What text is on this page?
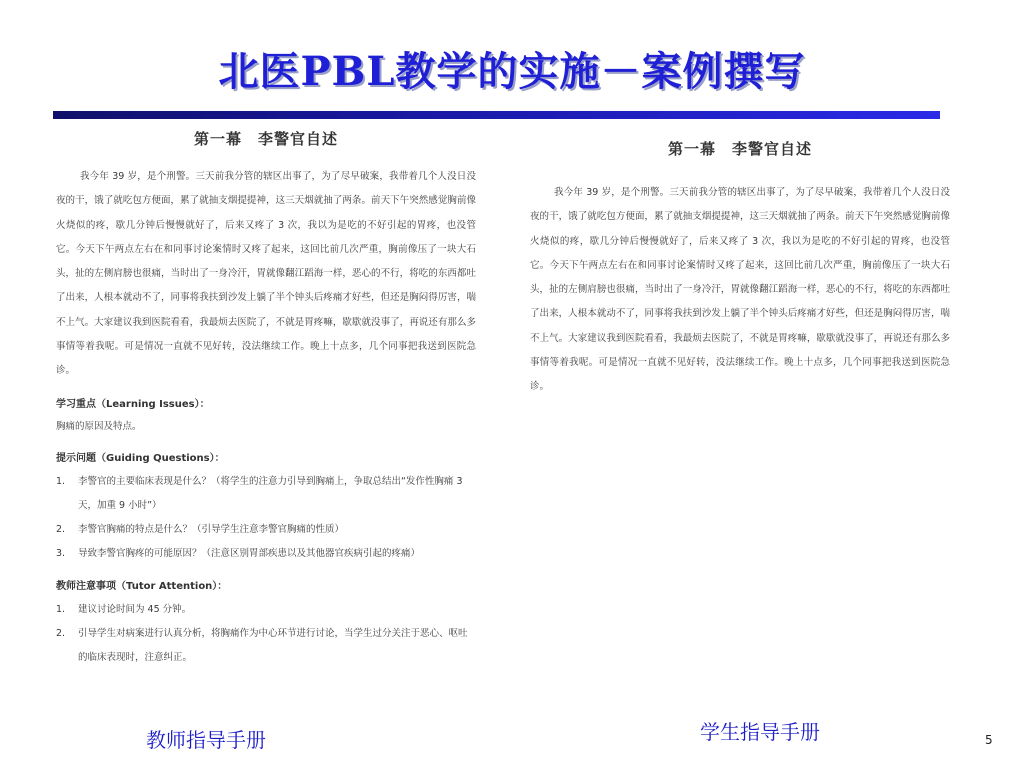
北医PBL教学的实施－案例撰写
第一幕　李警官自述

我今年 39 岁，是个刑警。三天前我分管的辖区出事了，为了尽早破案，我带着几个人没日没夜的干，饿了就吃包方便面，累了就抽支烟提提神，这三天烟就抽了两条。前天下午突然感觉胸前像火烧似的疼，歇几分钟后慢慢就好了，后来又疼了 3 次，我以为是吃的不好引起的胃疼，也没管它。今天下午两点左右在和同事讨论案情时又疼了起来，这回比前几次严重，胸前像压了一块大石头，扯的左侧肩膀也很痛，当时出了一身冷汗，胃就像翻江蹈海一样，恶心的不行，将吃的东西都吐了出来，人根本就动不了，同事将我扶到沙发上躺了半个钟头后疼痛才好些，但还是胸闷得厉害，喘不上气。大家建议我到医院看看，我最烦去医院了，不就是胃疼嘛，歇歇就没事了，再说还有那么多事情等着我呢。可是情况一直就不见好转，没法继续工作。晚上十点多，几个同事把我送到医院急诊。

学习重点（Learning Issues）：
胸痛的原因及特点。
提示问题（Guiding Questions）：
1. 李警官的主要临床表现是什么？（将学生的注意力引导到胸痛上，争取总结出“发作性胸痛 3 天，加重 9 小时”）
2. 李警官胸痛的特点是什么？（引导学生注意李警官胸痛的性质）
3. 导致李警官胸疼的可能原因？（注意区别胃部疾患以及其他器官疾病引起的疼痛）
教师注意事项（Tutor Attention）：
1. 建议讨论时间为 45 分钟。
2. 引导学生对病案进行认真分析，将胸痛作为中心环节进行讨论，当学生过分关注于恶心、呕吐的临床表现时，注意纠正。
第一幕　李警官自述

我今年 39 岁，是个刑警。三天前我分管的辖区出事了，为了尽早破案，我带着几个人没日没夜的干，饿了就吃包方便面，累了就抽支烟提提神，这三天烟就抽了两条。前天下午突然感觉胸前像火烧似的疼，歇几分钟后慢慢就好了，后来又疼了 3 次，我以为是吃的不好引起的胃疼，也没管它。今天下午两点左右在和同事讨论案情时又疼了起来，这回比前几次严重，胸前像压了一块大石头，扯的左侧肩膀也很痛，当时出了一身冷汗，胃就像翻江蹈海一样，恶心的不行，将吃的东西都吐了出来，人根本就动不了，同事将我扶到沙发上躺了半个钟头后疼痛才好些，但还是胸闷得厉害，喘不上气。大家建议我到医院看看，我最烦去医院了，不就是胃疼嘛，歇歇就没事了，再说还有那么多事情等着我呢。可是情况一直就不见好转，没法继续工作。晚上十点多，几个同事把我送到医院急诊。

教师指导手册	学生指导手册	5
